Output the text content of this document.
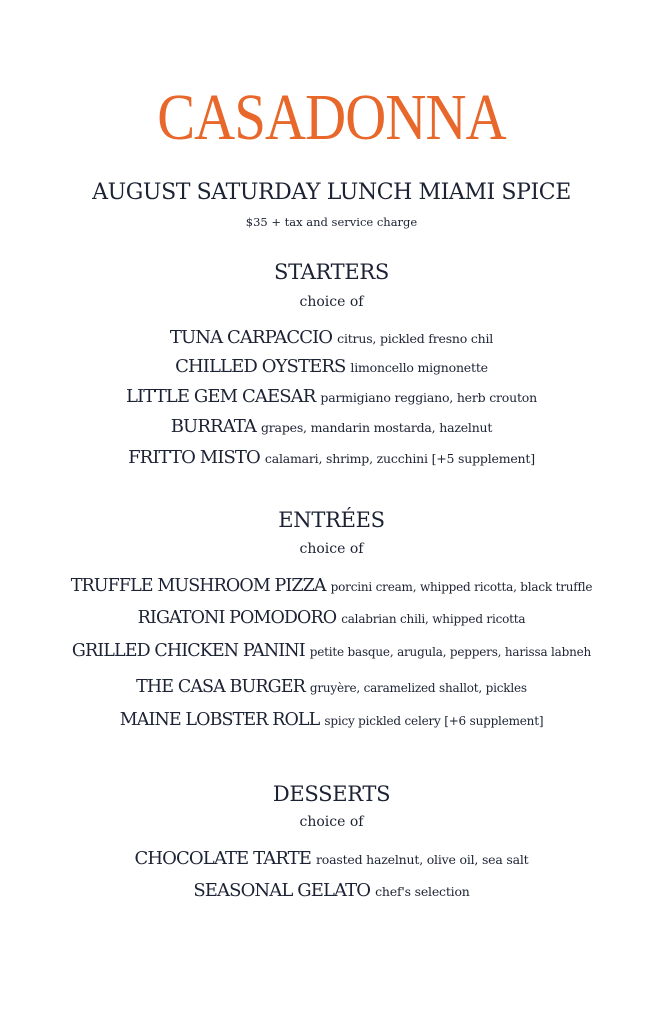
CASADONNA
AUGUST SATURDAY LUNCH MIAMI SPICE
$35 + tax and service charge
STARTERS
choice of
TUNA CARPACCIO citrus, pickled fresno chil
CHILLED OYSTERS limoncello mignonette
LITTLE GEM CAESAR parmigiano reggiano, herb crouton
BURRATA grapes, mandarin mostarda, hazelnut
FRITTO MISTO calamari, shrimp, zucchini [+5 supplement]
ENTRÉES
choice of
TRUFFLE MUSHROOM PIZZA porcini cream, whipped ricotta, black truffle
RIGATONI POMODORO calabrian chili, whipped ricotta
GRILLED CHICKEN PANINI petite basque, arugula, peppers, harissa labneh
THE CASA BURGER gruyère, caramelized shallot, pickles
MAINE LOBSTER ROLL spicy pickled celery [+6 supplement]
DESSERTS
choice of
CHOCOLATE TARTE roasted hazelnut, olive oil, sea salt
SEASONAL GELATO chef's selection
